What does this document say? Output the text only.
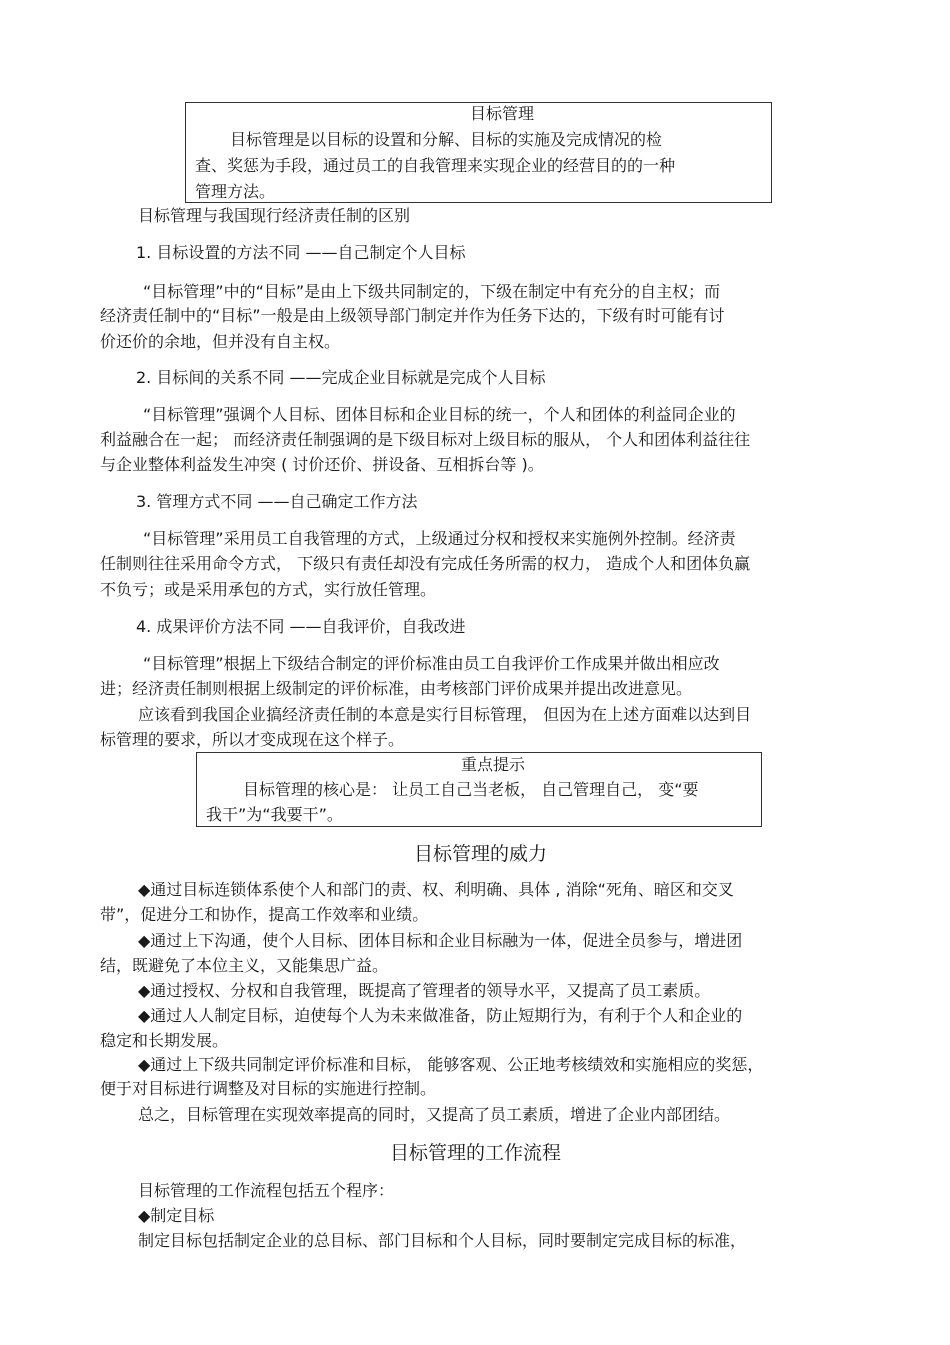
目标管理
目标管理是以目标的设置和分解、目标的实施及完成情况的检
查、奖惩为手段，通过员工的自我管理来实现企业的经营目的的一种
管理方法。
目标管理与我国现行经济责任制的区别
1. 目标设置的方法不同 ——自己制定个人目标
“目标管理”中的“目标”是由上下级共同制定的，下级在制定中有充分的自主权；而
经济责任制中的“目标”一般是由上级领导部门制定并作为任务下达的，下级有时可能有讨
价还价的余地，但并没有自主权。
2. 目标间的关系不同 ——完成企业目标就是完成个人目标
“目标管理”强调个人目标、团体目标和企业目标的统一，个人和团体的利益同企业的
利益融合在一起； 而经济责任制强调的是下级目标对上级目标的服从， 个人和团体利益往往
与企业整体利益发生冲突 ( 讨价还价、拼设备、互相拆台等 )。
3. 管理方式不同 ——自己确定工作方法
“目标管理”采用员工自我管理的方式，上级通过分权和授权来实施例外控制。经济责
任制则往往采用命令方式， 下级只有责任却没有完成任务所需的权力， 造成个人和团体负赢
不负亏；或是采用承包的方式，实行放任管理。
4. 成果评价方法不同 ——自我评价，自我改进
“目标管理”根据上下级结合制定的评价标准由员工自我评价工作成果并做出相应改
进；经济责任制则根据上级制定的评价标准，由考核部门评价成果并提出改进意见。
应该看到我国企业搞经济责任制的本意是实行目标管理， 但因为在上述方面难以达到目
标管理的要求，所以才变成现在这个样子。
重点提示
目标管理的核心是： 让员工自己当老板， 自己管理自己， 变“要
我干”为“我要干”。
目标管理的威力
◆通过目标连锁体系使个人和部门的责、权、利明确、具体 , 消除“死角、暗区和交叉
带”，促进分工和协作，提高工作效率和业绩。
◆通过上下沟通，使个人目标、团体目标和企业目标融为一体，促进全员参与，增进团
结，既避免了本位主义，又能集思广益。
◆通过授权、分权和自我管理，既提高了管理者的领导水平，又提高了员工素质。
◆通过人人制定目标，迫使每个人为未来做准备，防止短期行为，有利于个人和企业的
稳定和长期发展。
◆通过上下级共同制定评价标准和目标， 能够客观、公正地考核绩效和实施相应的奖惩，
便于对目标进行调整及对目标的实施进行控制。
总之，目标管理在实现效率提高的同时，又提高了员工素质，增进了企业内部团结。
目标管理的工作流程
目标管理的工作流程包括五个程序：
◆制定目标
制定目标包括制定企业的总目标、部门目标和个人目标，同时要制定完成目标的标准，
